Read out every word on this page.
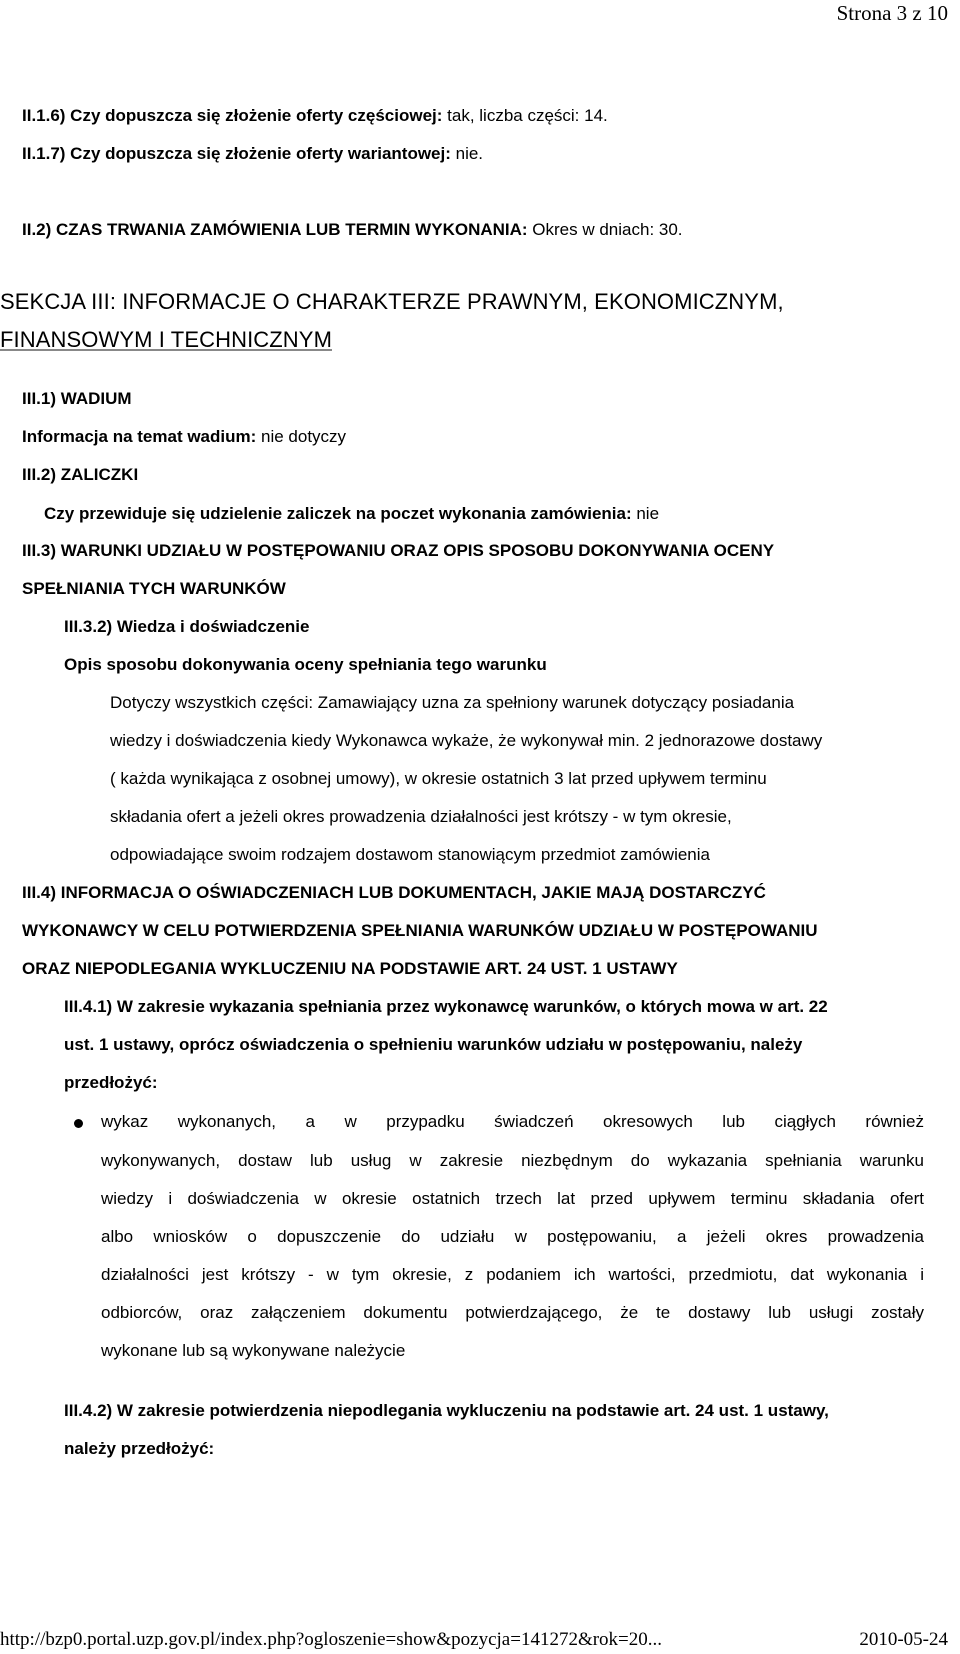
Strona 3 z 10
II.1.6) Czy dopuszcza się złożenie oferty częściowej: tak, liczba części: 14.
II.1.7) Czy dopuszcza się złożenie oferty wariantowej: nie.
II.2) CZAS TRWANIA ZAMÓWIENIA LUB TERMIN WYKONANIA: Okres w dniach: 30.
SEKCJA III: INFORMACJE O CHARAKTERZE PRAWNYM, EKONOMICZNYM,
FINANSOWYM I TECHNICZNYM
III.1) WADIUM
Informacja na temat wadium: nie dotyczy
III.2) ZALICZKI
Czy przewiduje się udzielenie zaliczek na poczet wykonania zamówienia: nie
III.3) WARUNKI UDZIAŁU W POSTĘPOWANIU ORAZ OPIS SPOSOBU DOKONYWANIA OCENY
SPEŁNIANIA TYCH WARUNKÓW
III.3.2) Wiedza i doświadczenie
Opis sposobu dokonywania oceny spełniania tego warunku
Dotyczy wszystkich części: Zamawiający uzna za spełniony warunek dotyczący posiadania
wiedzy i doświadczenia kiedy Wykonawca wykaże, że wykonywał min. 2 jednorazowe dostawy
( każda wynikająca z osobnej umowy), w okresie ostatnich 3 lat przed upływem terminu
składania ofert a jeżeli okres prowadzenia działalności jest krótszy - w tym okresie,
odpowiadające swoim rodzajem dostawom stanowiącym przedmiot zamówienia
III.4) INFORMACJA O OŚWIADCZENIACH LUB DOKUMENTACH, JAKIE MAJĄ DOSTARCZYĆ
WYKONAWCY W CELU POTWIERDZENIA SPEŁNIANIA WARUNKÓW UDZIAŁU W POSTĘPOWANIU
ORAZ NIEPODLEGANIA WYKLUCZENIU NA PODSTAWIE ART. 24 UST. 1 USTAWY
III.4.1) W zakresie wykazania spełniania przez wykonawcę warunków, o których mowa w art. 22
ust. 1 ustawy, oprócz oświadczenia o spełnieniu warunków udziału w postępowaniu, należy
przedłożyć:
wykaz wykonanych, a w przypadku świadczeń okresowych lub ciągłych również
wykonywanych, dostaw lub usług w zakresie niezbędnym do wykazania spełniania warunku
wiedzy i doświadczenia w okresie ostatnich trzech lat przed upływem terminu składania ofert
albo wniosków o dopuszczenie do udziału w postępowaniu, a jeżeli okres prowadzenia
działalności jest krótszy - w tym okresie, z podaniem ich wartości, przedmiotu, dat wykonania i
odbiorców, oraz załączeniem dokumentu potwierdzającego, że te dostawy lub usługi zostały
wykonane lub są wykonywane należycie
III.4.2) W zakresie potwierdzenia niepodlegania wykluczeniu na podstawie art. 24 ust. 1 ustawy,
należy przedłożyć:
http://bzp0.portal.uzp.gov.pl/index.php?ogloszenie=show&pozycja=141272&rok=20...	2010-05-24
